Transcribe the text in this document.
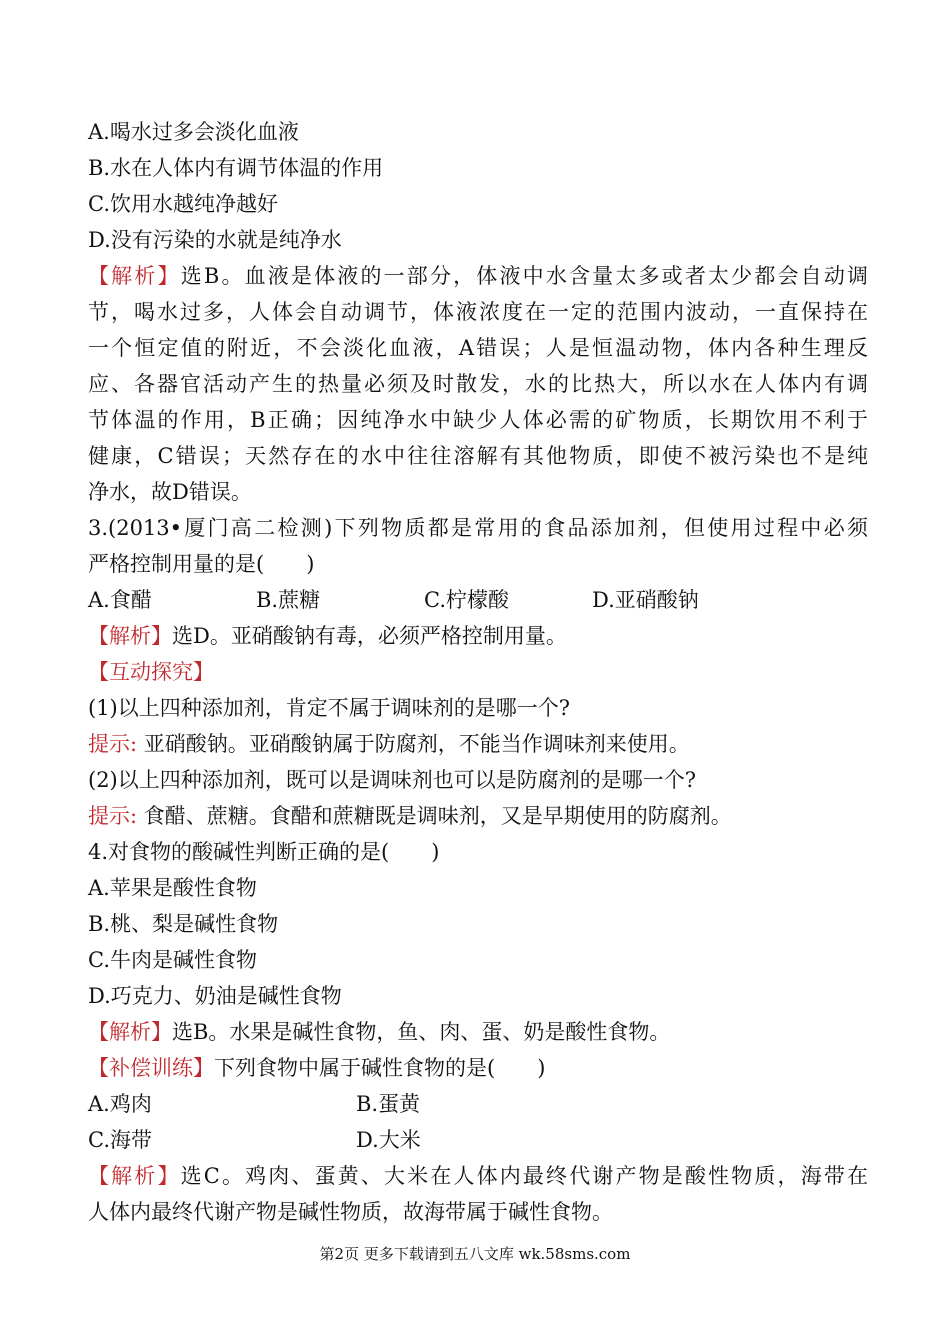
A.喝水过多会淡化血液
B.水在人体内有调节体温的作用
C.饮用水越纯净越好
D.没有污染的水就是纯净水
【解析】选B。血液是体液的一部分，体液中水含量太多或者太少都会自动调
节，喝水过多，人体会自动调节，体液浓度在一定的范围内波动，一直保持在
一个恒定值的附近，不会淡化血液，A错误；人是恒温动物，体内各种生理反
应、各器官活动产生的热量必须及时散发，水的比热大，所以水在人体内有调
节体温的作用，B正确；因纯净水中缺少人体必需的矿物质，长期饮用不利于
健康，C错误；天然存在的水中往往溶解有其他物质，即使不被污染也不是纯
净水，故D错误。
3.(2013•厦门高二检测)下列物质都是常用的食品添加剂，但使用过程中必须
严格控制用量的是(　　)
A.食醋	B.蔗糖	C.柠檬酸	D.亚硝酸钠
【解析】选D。亚硝酸钠有毒，必须严格控制用量。
【互动探究】
(1)以上四种添加剂，肯定不属于调味剂的是哪一个?
提示: 亚硝酸钠。亚硝酸钠属于防腐剂，不能当作调味剂来使用。
(2)以上四种添加剂，既可以是调味剂也可以是防腐剂的是哪一个?
提示: 食醋、蔗糖。食醋和蔗糖既是调味剂，又是早期使用的防腐剂。
4.对食物的酸碱性判断正确的是(　　)
A.苹果是酸性食物
B.桃、梨是碱性食物
C.牛肉是碱性食物
D.巧克力、奶油是碱性食物
【解析】选B。水果是碱性食物，鱼、肉、蛋、奶是酸性食物。
【补偿训练】下列食物中属于碱性食物的是(　　)
A.鸡肉	B.蛋黄
C.海带	D.大米
【解析】选C。鸡肉、蛋黄、大米在人体内最终代谢产物是酸性物质，海带在
人体内最终代谢产物是碱性物质，故海带属于碱性食物。
第2页 更多下载请到五八文库 wk.58sms.com
